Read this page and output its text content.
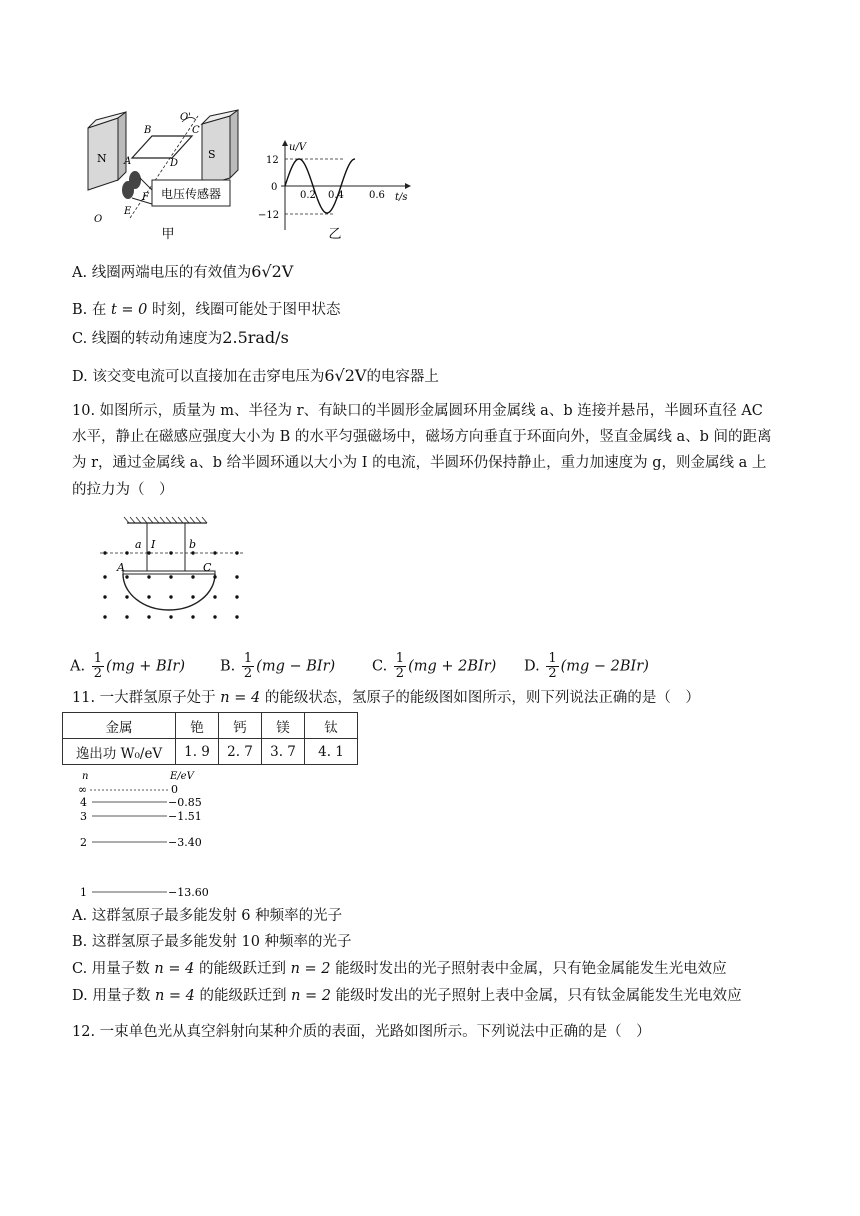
电压传感器
N	S
A
B	C
D
E
F
O
O'
甲
u/V
t/s
12
0
−12
0.2 0.4	0.6
乙
A. 线圈两端电压的有效值为6√2V
B. 在 t = 0 时刻，线圈可能处于图甲状态
C. 线圈的转动角速度为2.5rad/s
D. 该交变电流可以直接加在击穿电压为6√2V的电容器上
10. 如图所示，质量为 m、半径为 r、有缺口的半圆形金属圆环用金属线 a、b 连接并悬吊，半圆环直径 AC
水平，静止在磁感应强度大小为 B 的水平匀强磁场中，磁场方向垂直于环面向外，竖直金属线 a、b 间的距离
为 r，通过金属线 a、b 给半圆环通以大小为 I 的电流，半圆环仍保持静止，重力加速度为 g，则金属线 a 上
的拉力为（　）
a I	b
A	C
A. $\frac{1}{2} (mg + BIr)$ B. $\frac{1}{2} (mg - BIr)$	C. $\frac{1}{2} (mg + 2BIr)$ D. $\frac{1}{2} (mg - 2BIr)$
11. 一大群氢原子处于 n = 4 的能级状态，氢原子的能级图如图所示，则下列说法正确的是（　）
金属	铯	钙	镁	钛
逸出功 W₀/eV	1. 9	2. 7	3. 7	4. 1
n	E/eV
∞	0
4	−0.85
3	−1.51
2	−3.40
1	−13.60
A. 这群氢原子最多能发射 6 种频率的光子
B. 这群氢原子最多能发射 10 种频率的光子
C. 用量子数 n = 4 的能级跃迁到 n = 2 能级时发出的光子照射表中金属，只有铯金属能发生光电效应
D. 用量子数 n = 4 的能级跃迁到 n = 2 能级时发出的光子照射上表中金属，只有钛金属能发生光电效应
12. 一束单色光从真空斜射向某种介质的表面，光路如图所示。下列说法中正确的是（　）
